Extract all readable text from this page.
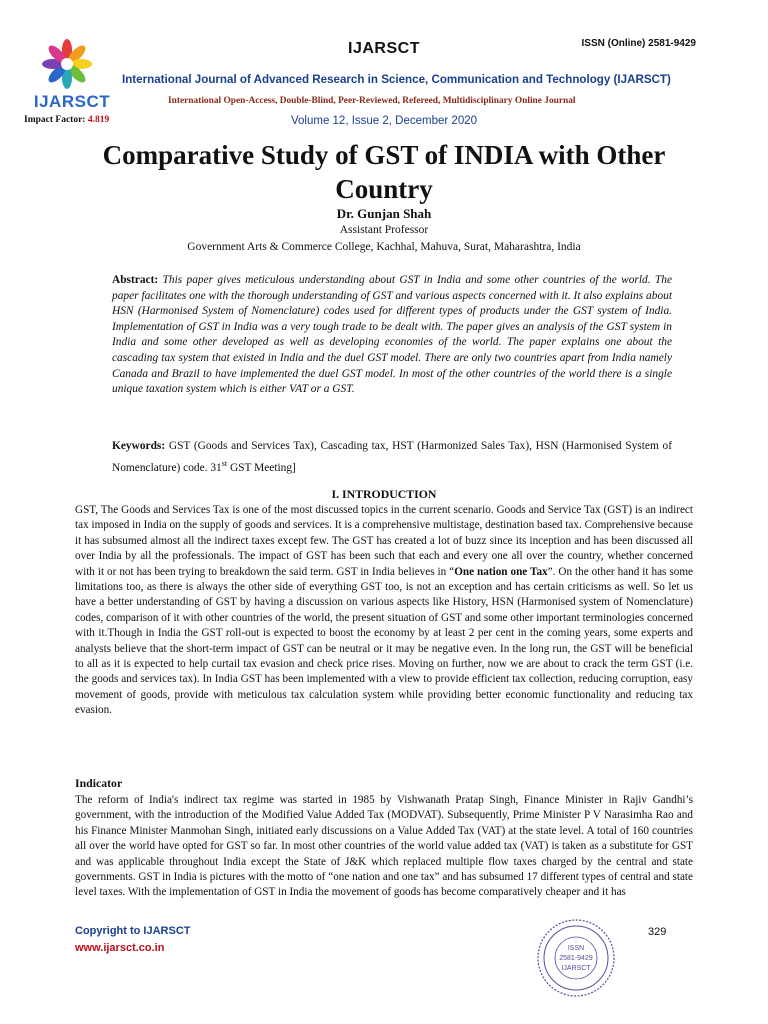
IJARSCT
IJARSCT	ISSN (Online) 2581-9429
International Journal of Advanced Research in Science, Communication and Technology (IJARSCT)
International Open-Access, Double-Blind, Peer-Reviewed, Refereed, Multidisciplinary Online Journal
Impact Factor: 4.819	Volume 12, Issue 2, December 2020
Comparative Study of GST of INDIA with Other Country
Dr. Gunjan Shah
Assistant Professor
Government Arts & Commerce College, Kachhal, Mahuva, Surat, Maharashtra, India
Abstract: This paper gives meticulous understanding about GST in India and some other countries of the world. The paper facilitates one with the thorough understanding of GST and various aspects concerned with it. It also explains about HSN (Harmonised System of Nomenclature) codes used for different types of products under the GST system of India. Implementation of GST in India was a very tough trade to be dealt with. The paper gives an analysis of the GST system in India and some other developed as well as developing economies of the world. The paper explains one about the cascading tax system that existed in India and the duel GST model. There are only two countries apart from India namely Canada and Brazil to have implemented the duel GST model. In most of the other countries of the world there is a single unique taxation system which is either VAT or a GST.
Keywords: GST (Goods and Services Tax), Cascading tax, HST (Harmonized Sales Tax), HSN (Harmonised System of Nomenclature) code. 31st GST Meeting]
I. INTRODUCTION
GST, The Goods and Services Tax is one of the most discussed topics in the current scenario. Goods and Service Tax (GST) is an indirect tax imposed in India on the supply of goods and services. It is a comprehensive multistage, destination based tax. Comprehensive because it has subsumed almost all the indirect taxes except few. The GST has created a lot of buzz since its inception and has been discussed all over India by all the professionals. The impact of GST has been such that each and every one all over the country, whether concerned with it or not has been trying to breakdown the said term. GST in India believes in “One nation one Tax”. On the other hand it has some limitations too, as there is always the other side of everything GST too, is not an exception and has certain criticisms as well. So let us have a better understanding of GST by having a discussion on various aspects like History, HSN (Harmonised system of Nomenclature) codes, comparison of it with other countries of the world, the present situation of GST and some other important terminologies concerned with it.Though in India the GST roll-out is expected to boost the economy by at least 2 per cent in the coming years, some experts and analysts believe that the short-term impact of GST can be neutral or it may be negative even. In the long run, the GST will be beneficial to all as it is expected to help curtail tax evasion and check price rises. Moving on further, now we are about to crack the term GST (i.e. the goods and services tax). In India GST has been implemented with a view to provide efficient tax collection, reducing corruption, easy movement of goods, provide with meticulous tax calculation system while providing better economic functionality and reducing tax evasion.
Indicator
The reform of India's indirect tax regime was started in 1985 by Vishwanath Pratap Singh, Finance Minister in Rajiv Gandhi’s government, with the introduction of the Modified Value Added Tax (MODVAT). Subsequently, Prime Minister P V Narasimha Rao and his Finance Minister Manmohan Singh, initiated early discussions on a Value Added Tax (VAT) at the state level. A total of 160 countries all over the world have opted for GST so far. In most other countries of the world value added tax (VAT) is taken as a substitute for GST and was applicable throughout India except the State of J&K which replaced multiple flow taxes charged by the central and state governments. GST in India is pictures with the motto of “one nation and one tax” and has subsumed 17 different types of central and state level taxes. With the implementation of GST in India the movement of goods has become comparatively cheaper and it has
Copyright to IJARSCT
www.ijarsct.co.in
329
ISSN
2581-9429
IJARSCT
